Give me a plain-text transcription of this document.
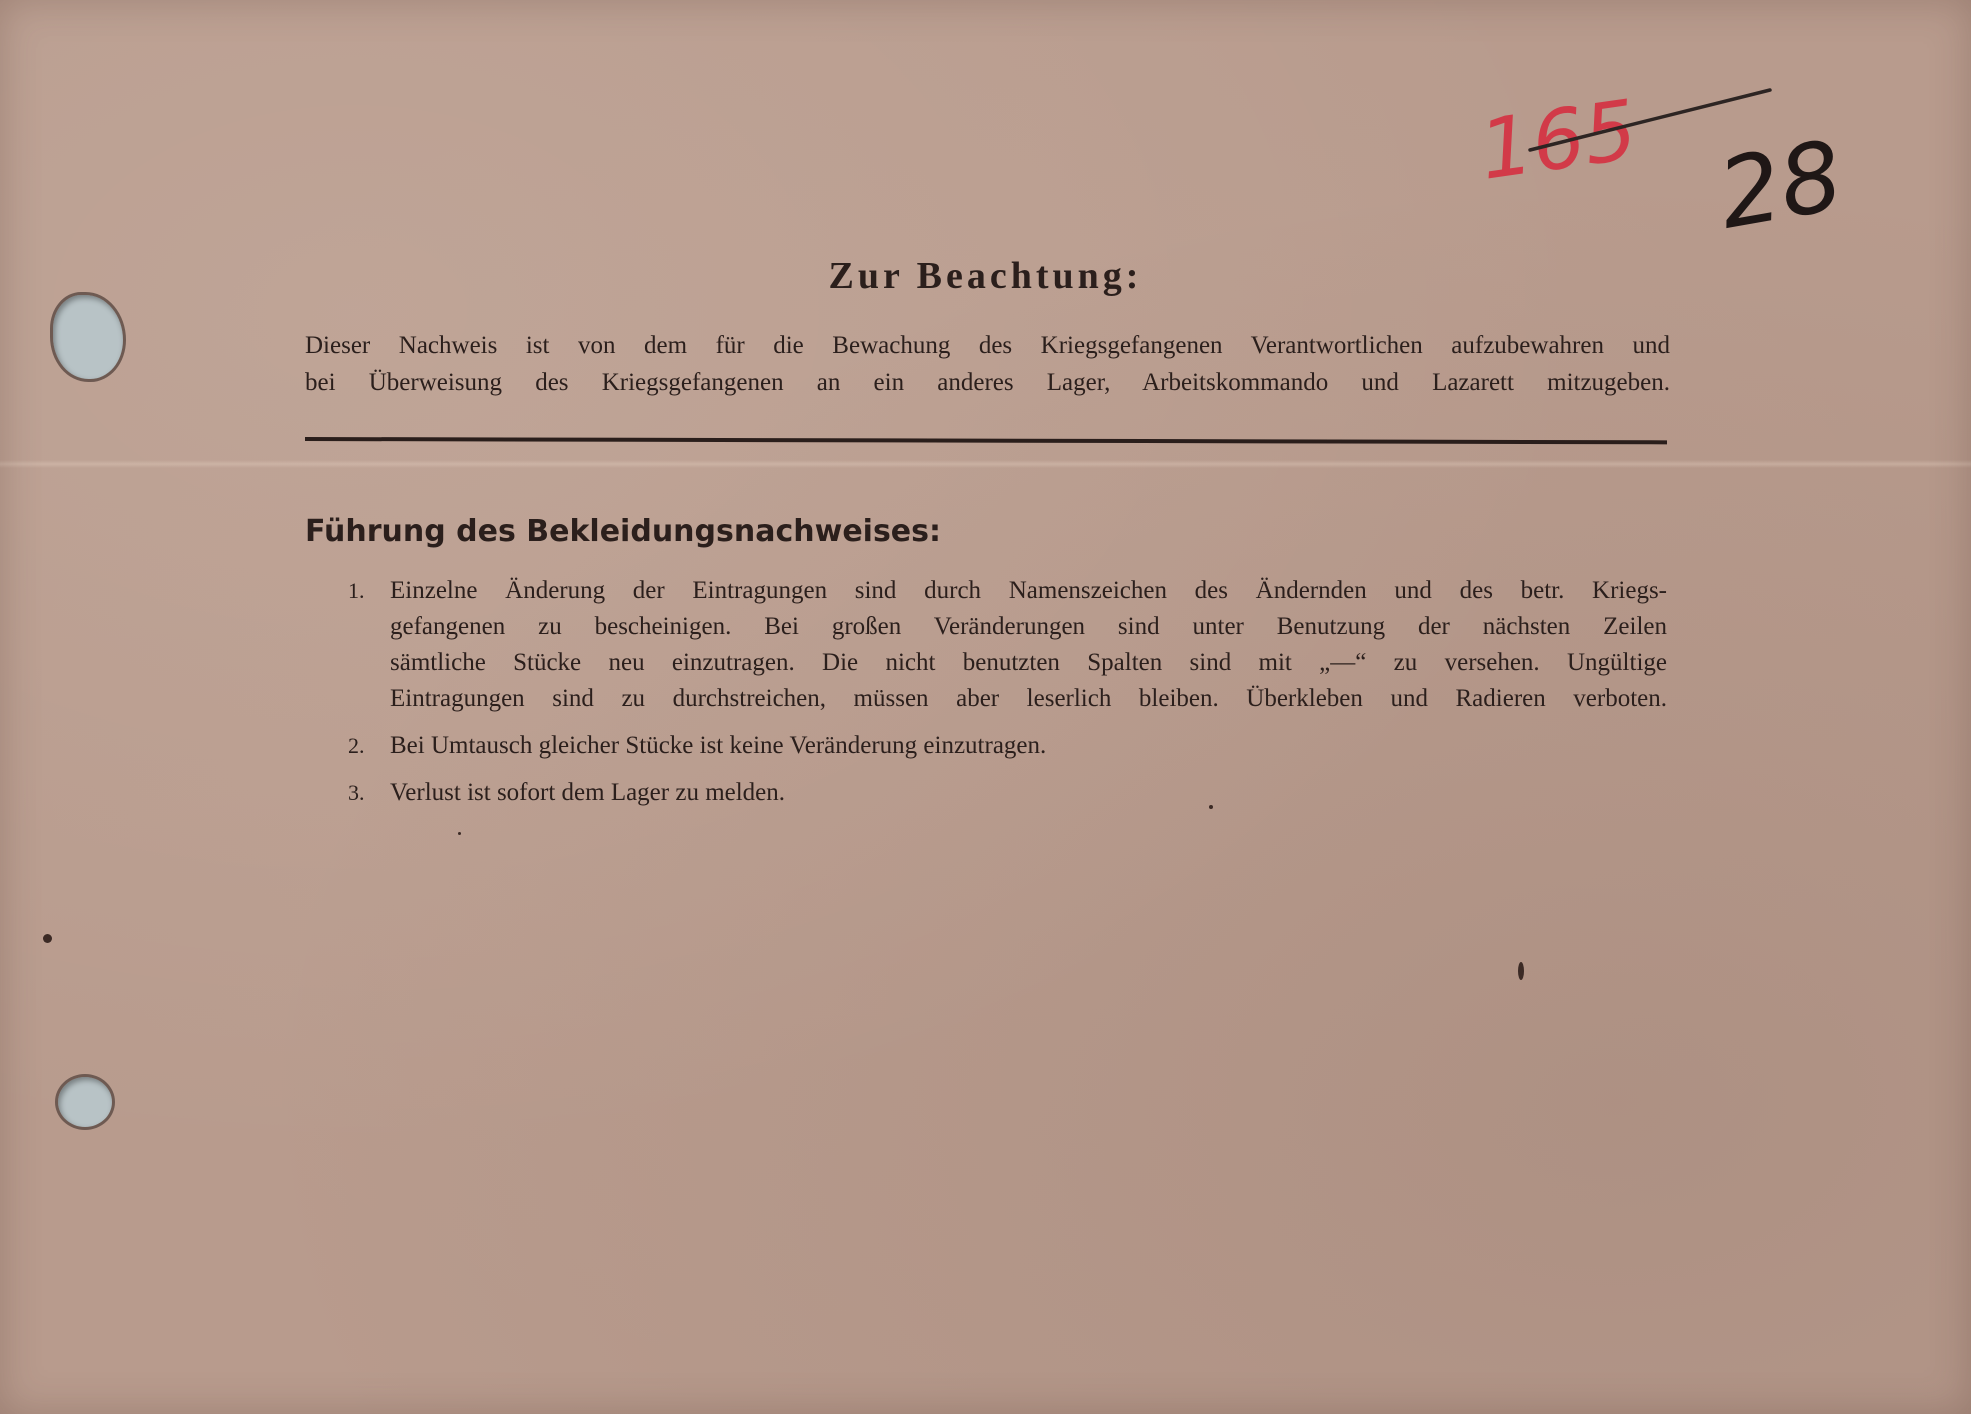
165 28
Zur Beachtung:

Dieser Nachweis ist von dem für die Bewachung des Kriegsgefangenen Verantwortlichen aufzubewahren und
bei Überweisung des Kriegsgefangenen an ein anderes Lager, Arbeitskommando und Lazarett mitzugeben.

Führung des Bekleidungsnachweises:
1. Einzelne Änderung der Eintragungen sind durch Namenszeichen des Ändernden und des betr. Kriegs-
gefangenen zu bescheinigen. Bei großen Veränderungen sind unter Benutzung der nächsten Zeilen
sämtliche Stücke neu einzutragen. Die nicht benutzten Spalten sind mit „—“ zu versehen. Ungültige
Eintragungen sind zu durchstreichen, müssen aber leserlich bleiben. Überkleben und Radieren verboten.
2. Bei Umtausch gleicher Stücke ist keine Veränderung einzutragen.
3. Verlust ist sofort dem Lager zu melden.
